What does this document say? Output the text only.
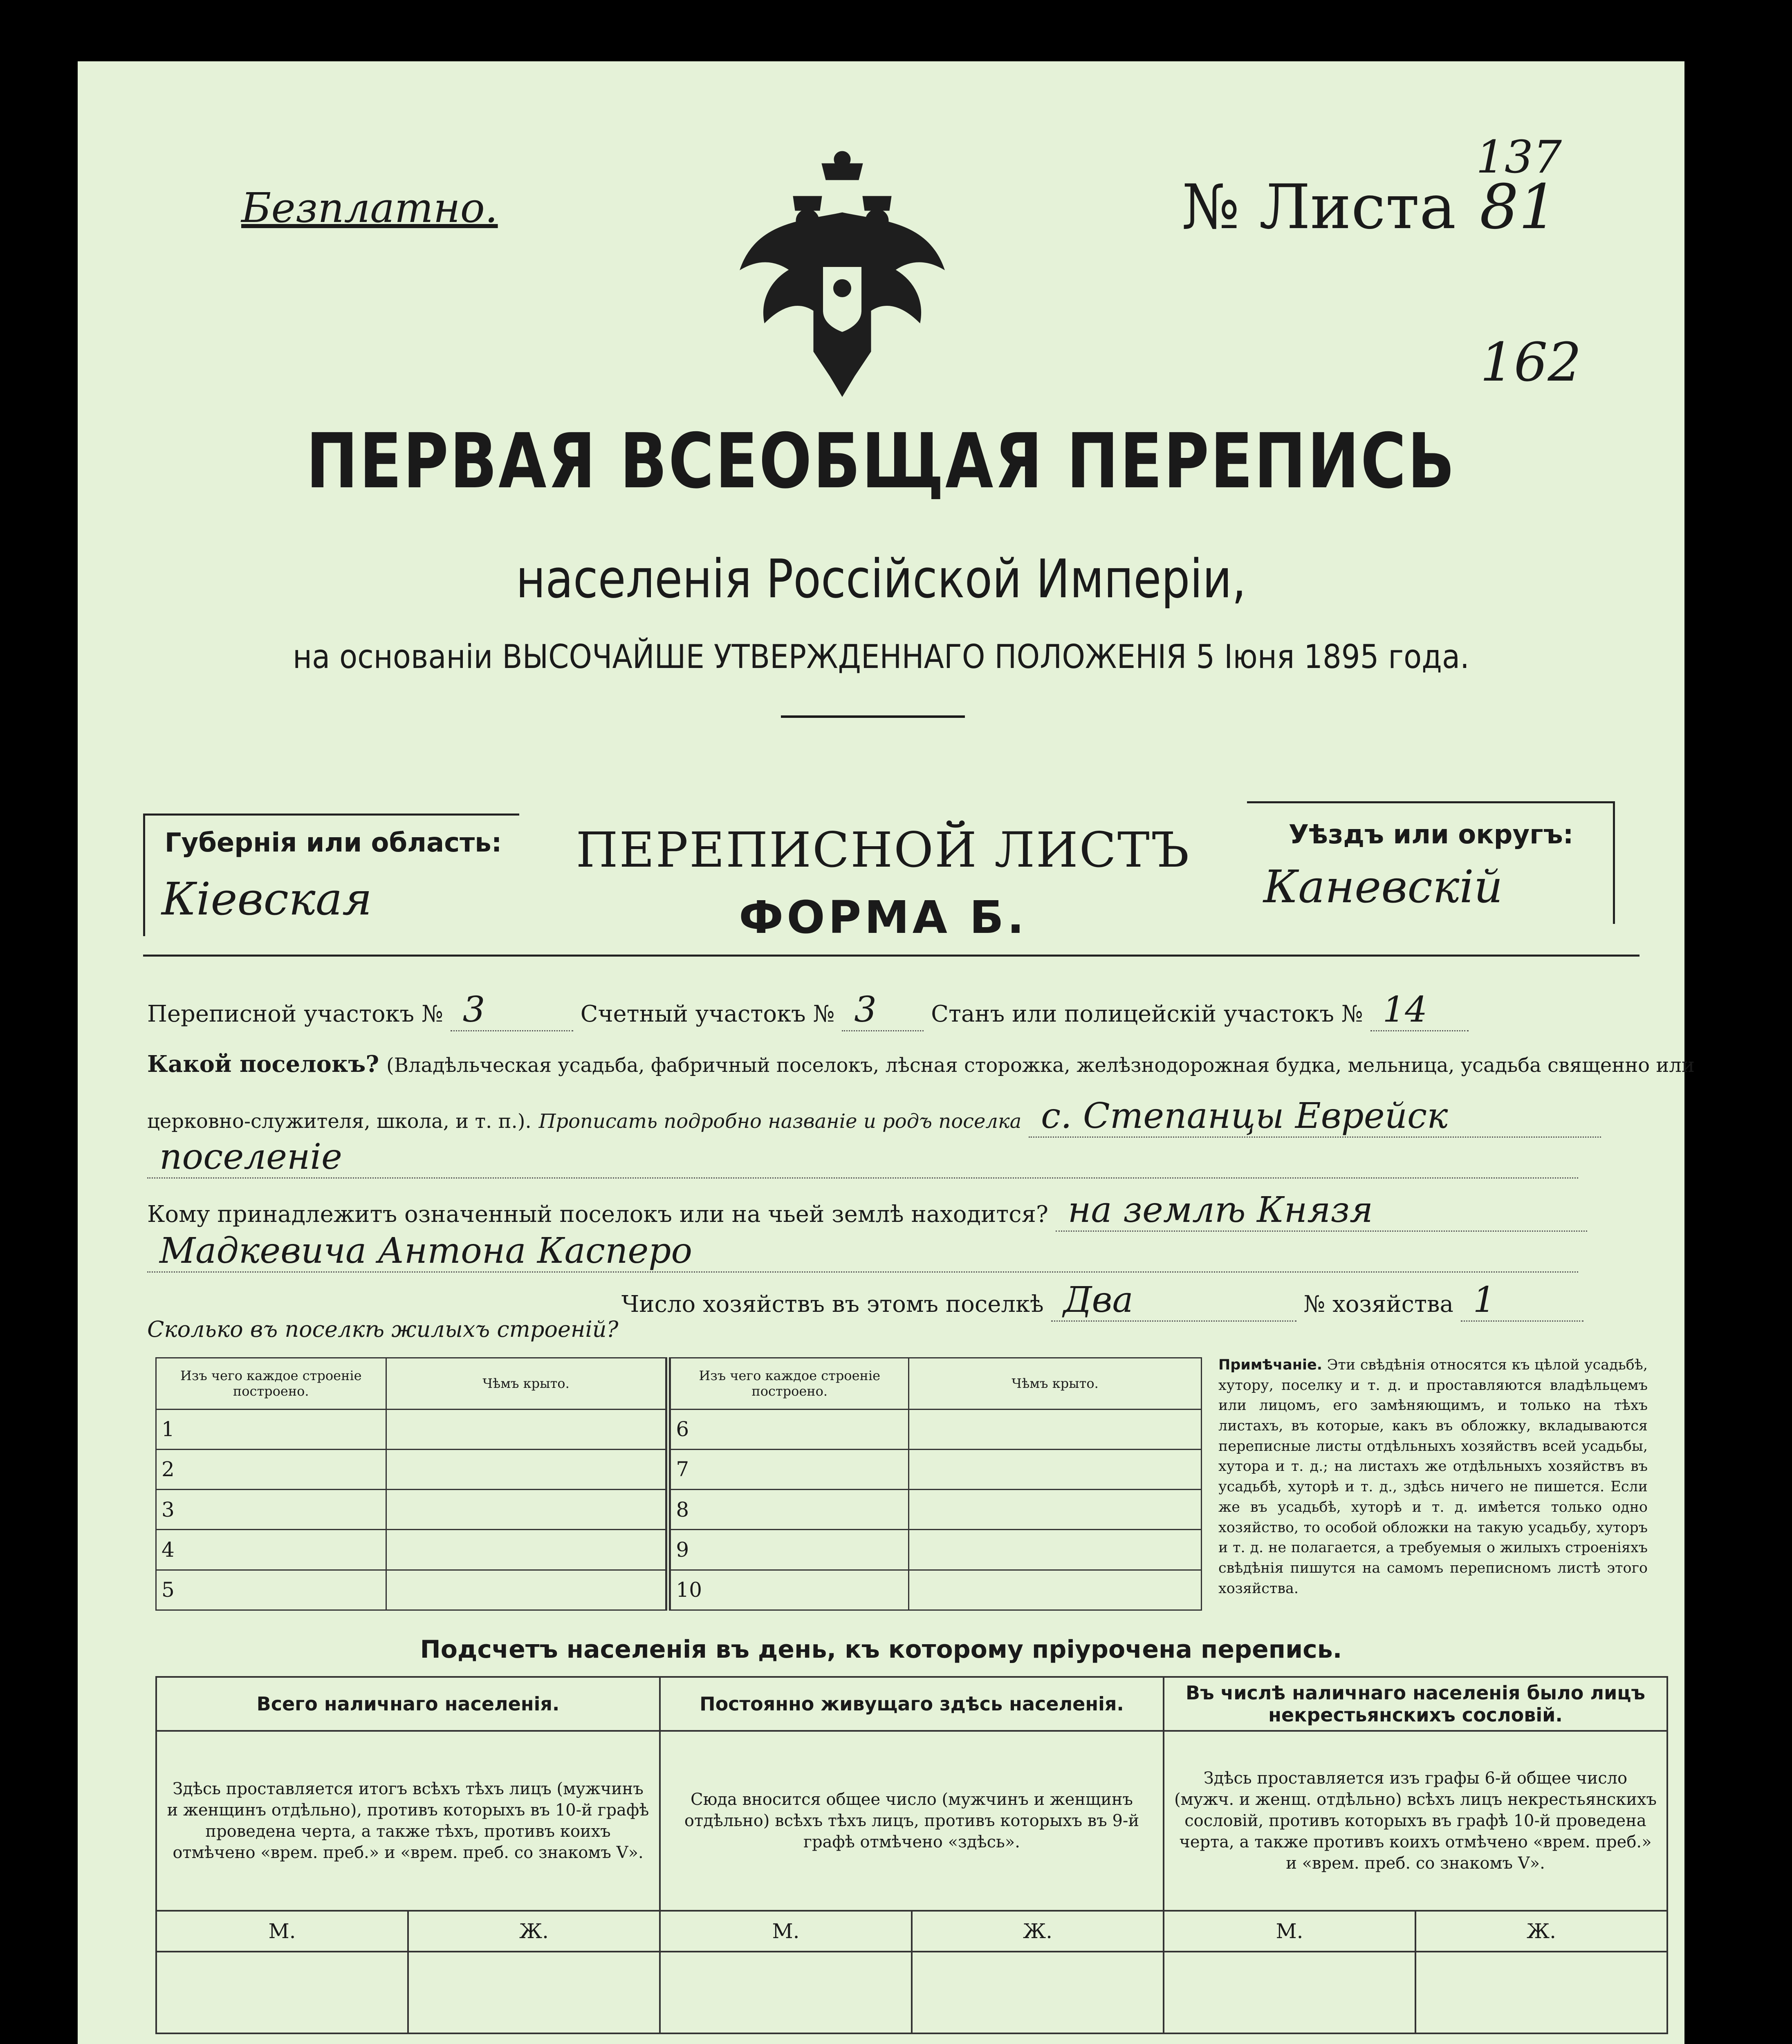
Безплатно.	№ Листа 81
137
162
ПЕРВАЯ ВСЕОБЩАЯ ПЕРЕПИСЬ
населенія Россійской Имперіи,
на основаніи ВЫСОЧАЙШЕ УТВЕРЖДЕННАГО ПОЛОЖЕНІЯ 5 Іюня 1895 года.
Губернія или область:
Кіевская
ПЕРЕПИСНОЙ ЛИСТЪ
ФОРМА Б.
Уѣздъ или округъ:
Каневскій
Переписной участокъ № 3	Счетный участокъ № 3 Станъ или полицейскій участокъ № 14
Какой поселокъ? (Владѣльческая усадьба, фабричный поселокъ, лѣсная сторожка, желѣзнодорожная будка, мельница, усадьба священно или
церковно-служителя, школа, и т. п.). Прописать подробно названіе и родъ поселка с. Степанцы Еврейск
поселеніе
Кому принадлежитъ означенный поселокъ или на чьей землѣ находится? на землѣ Князя
Мадкевича Антона Касперо
Число хозяйствъ въ этомъ поселкѣ Два	№ хозяйства 1
Сколько въ поселкѣ жилыхъ строеній?
Изъ чего каждое строеніе построено.	Чѣмъ крыто.	Изъ чего каждое строеніе построено.	Чѣмъ крыто.
1		6	
2		7	
3		8	
4		9	
5		10	
Примѣчаніе. Эти свѣдѣнія относятся къ цѣлой усадьбѣ, хутору, поселку и т. д. и проставляются владѣльцемъ или лицомъ, его замѣняющимъ, и только на тѣхъ листахъ, въ которые, какъ въ обложку, вкладываются переписные листы отдѣльныхъ хозяйствъ всей усадьбы, хутора и т. д.; на листахъ же отдѣльныхъ хозяйствъ въ усадьбѣ, хуторѣ и т. д., здѣсь ничего не пишется. Если же въ усадьбѣ, хуторѣ и т. д. имѣется только одно хозяйство, то особой обложки на такую усадьбу, хуторъ и т. д. не полагается, а требуемыя о жилыхъ строеніяхъ свѣдѣнія пишутся на самомъ переписномъ листѣ этого хозяйства.
Подсчетъ населенія въ день, къ которому пріурочена перепись.
Всего наличнаго населенія.		Постоянно живущаго здѣсь населенія.		Въ числѣ наличнаго населенія было лицъ некрестьянскихъ сословій.	
Здѣсь проставляется итогъ всѣхъ тѣхъ лицъ (мужчинъ и женщинъ отдѣльно), противъ которыхъ въ 10-й графѣ проведена черта, а также тѣхъ, противъ коихъ отмѣчено «врем. преб.» и «врем. преб. со знакомъ V».		Сюда вносится общее число (мужчинъ и женщинъ отдѣльно) всѣхъ тѣхъ лицъ, противъ которыхъ въ 9-й графѣ отмѣчено «здѣсь».		Здѣсь проставляется изъ графы 6-й общее число (мужч. и женщ. отдѣльно) всѣхъ лицъ некрестьянскихъ сословій, противъ которыхъ въ графѣ 10-й проведена черта, а также противъ коихъ отмѣчено «врем. преб.» и «врем. преб. со знакомъ V».	
М.	Ж.	М.	Ж.	М.	Ж.
